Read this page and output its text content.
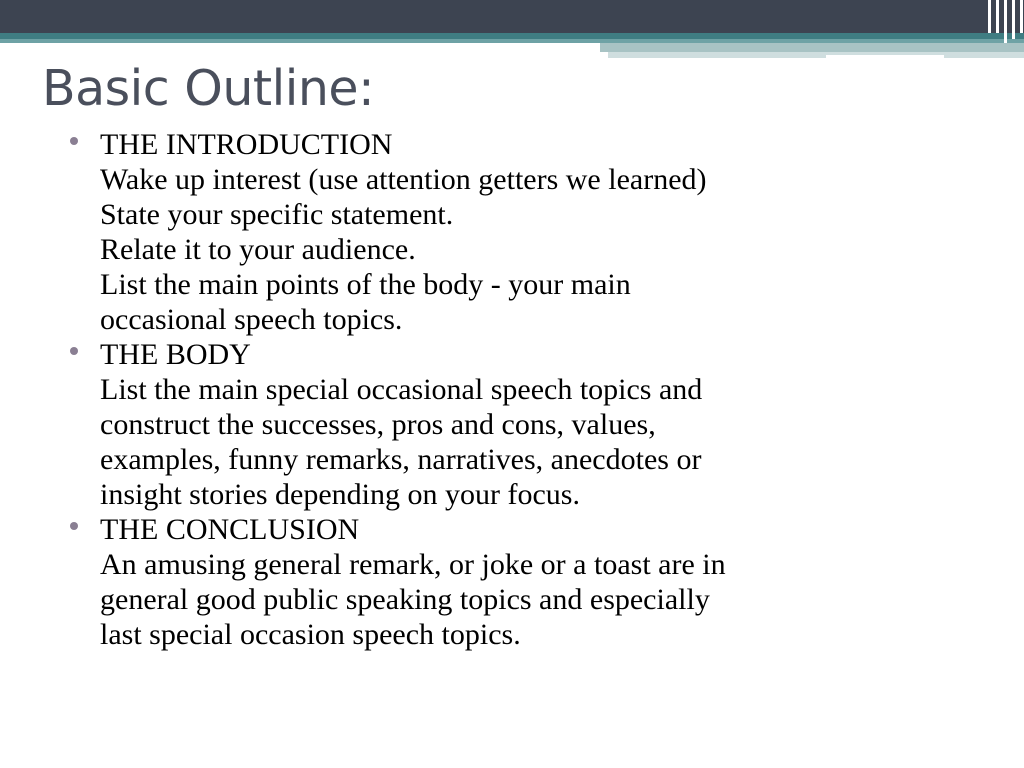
Basic Outline:
THE INTRODUCTION
Wake up interest (use attention getters we learned)
State your specific statement.
Relate it to your audience.
List the main points of the body - your main
occasional speech topics.
THE BODY
List the main special occasional speech topics and
construct the successes, pros and cons, values,
examples, funny remarks, narratives, anecdotes or
insight stories depending on your focus.
THE CONCLUSION
An amusing general remark, or joke or a toast are in
general good public speaking topics and especially
last special occasion speech topics.
